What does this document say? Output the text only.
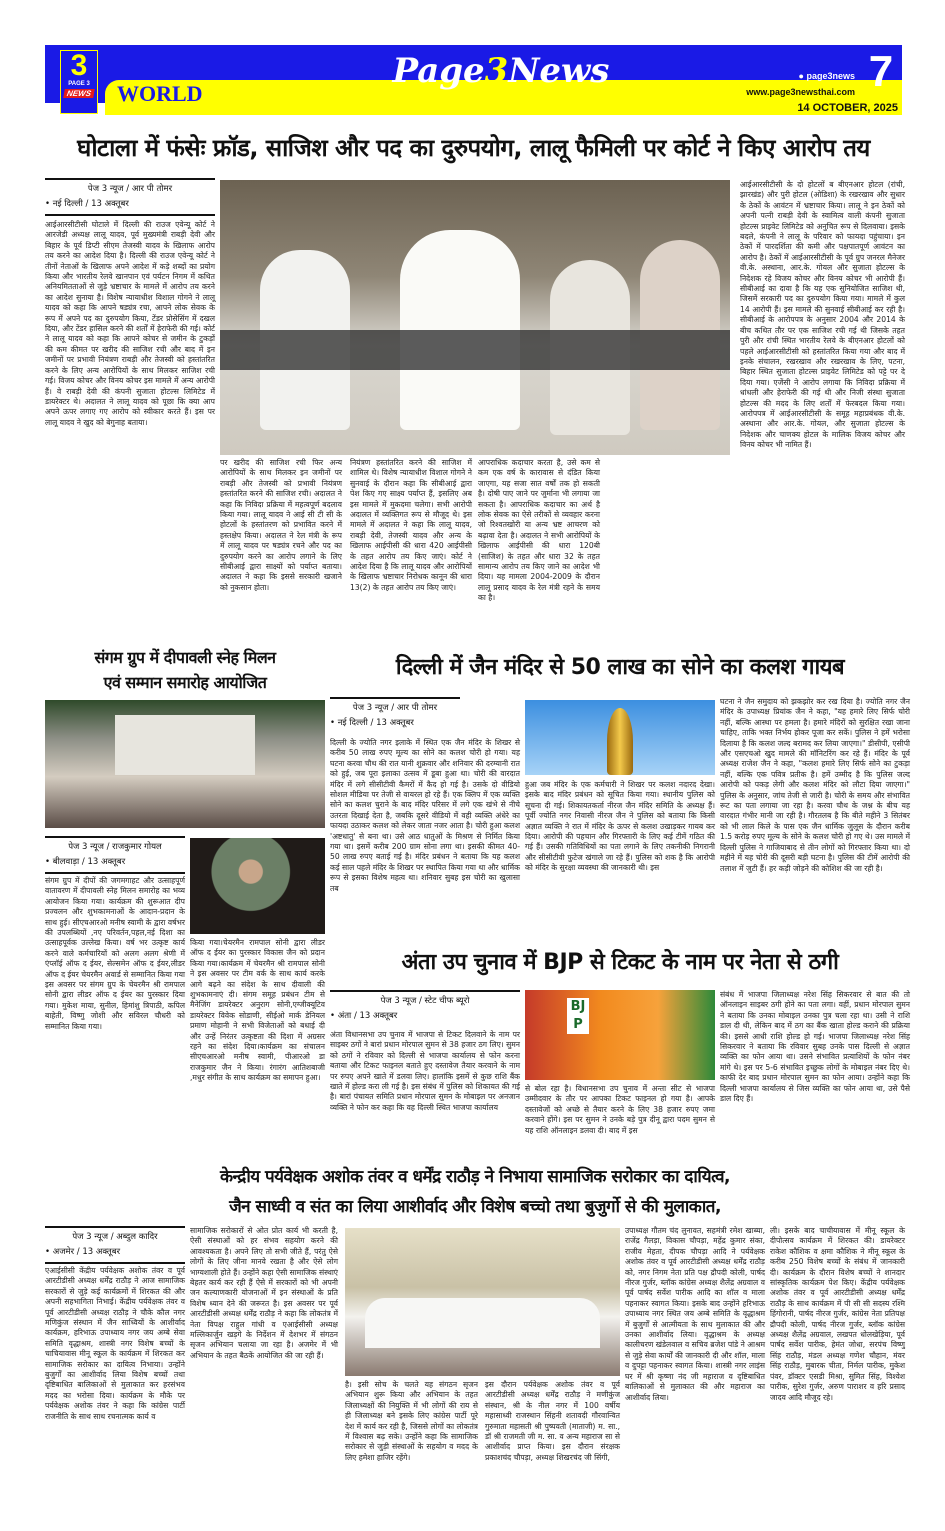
3
PAGE 3
NEWS WORLD
Page3News	● page3news
www.page3newsthai.com 7
14 OCTOBER, 2025
घोटाला में फंसेः फ्रॉड, साजिश और पद का दुरुपयोग, लालू फैमिली पर कोर्ट ने किए आरोप तय
पेज 3 न्यूज / आर पी तोमर
• नई दिल्ली / 13 अक्तूबर
आईआरसीटीसी घोटाले में दिल्ली की राउज एवेन्यू कोर्ट ने आरजेडी अध्यक्ष लालू यादव, पूर्व मुख्यमंत्री राबड़ी देवी और बिहार के पूर्व डिप्टी सीएम तेजस्वी यादव के खिलाफ आरोप तय करने का आदेश दिया है। दिल्ली की राउज एवेन्यू कोर्ट ने तीनों नेताओं के खिलाफ अपने आदेश में कड़े शब्दों का प्रयोग किया और भारतीय रेलवे खानपान एवं पर्यटन निगम में कथित अनियमितताओं से जुड़े भ्रष्टाचार के मामले में आरोप तय करने का आदेश सुनाया है। विशेष न्यायाधीश विशाल गोगने ने लालू यादव को कहा कि आपने षड्यंत्र रचा, आपने लोक सेवक के रूप में अपने पद का दुरुपयोग किया, टेंडर प्रोसेसिंग में दखल दिया, और टेंडर हासिल करने की शर्तों में हेराफेरी की गई। कोर्ट ने लालू यादव को कहा कि आपने कोचर से जमीन के टुकड़ों की कम कीमत पर खरीद की साजिश रची और बाद में इन जमीनों पर प्रभावी नियंत्रण राबड़ी और तेजस्वी को हस्तांतरित करने के लिए अन्य आरोपियों के साथ मिलकर साजिश रची गई। विजय कोचर और विनय कोचर इस मामले में अन्य आरोपी हैं। वे राबड़ी देवी की कंपनी सुजाता होटल्स लिमिटेड में डायरेक्टर थे। अदालत ने लालू यादव को पूछा कि क्या आप अपने ऊपर लगाए गए आरोप को स्वीकार करते हैं। इस पर लालू यादव ने खुद को बेगुनाह बताया।
पर खरीद की साजिश रची फिर अन्य आरोपियों के साथ मिलकर इन जमीनों पर राबड़ी और तेजस्वी को प्रभावी नियंत्रण हस्तांतरित करने की साजिश रची। अदालत ने कहा कि निविदा प्रक्रिया में महत्वपूर्ण बदलाव किया गया। लालू यादव ने आई सी टी सी के होटलों के हस्तांतरण को प्रभावित करने में हस्तक्षेप किया। अदालत ने रेल मंत्री के रूप में लालू यादव पर षड्यंत्र रचने और पद का दुरुपयोग करने का आरोप लगाने के लिए सीबीआई द्वारा साक्ष्यों को पर्याप्त बताया। अदालत ने कहा कि इससे सरकारी खजाने को नुकसान होता।
नियंत्रण हस्तांतरित करने की साजिश में शामिल थे। विशेष न्यायाधीश विशाल गोगने ने सुनवाई के दौरान कहा कि सीबीआई द्वारा पेश किए गए साक्ष्य पर्याप्त हैं, इसलिए अब इस मामले में मुकदमा चलेगा। सभी आरोपी अदालत में व्यक्तिगत रूप से मौजूद थे। इस मामले में अदालत ने कहा कि लालू यादव, राबड़ी देवी, तेजस्वी यादव और अन्य के खिलाफ आईपीसी की धारा 420 आईपीसी के तहत आरोप तय किए जाएं। कोर्ट ने आदेश दिया है कि लालू यादव और आरोपियों के खिलाफ भ्रष्टाचार निरोधक कानून की धारा 13(2) के तहत आरोप तय किए जाएं।
आपराधिक कदाचार करता है, उसे कम से कम एक वर्ष के कारावास से दंडित किया जाएगा, यह सजा सात वर्षों तक हो सकती है। दोषी पाए जाने पर जुर्माना भी लगाया जा सकता है। आपराधिक कदाचार का अर्थ है लोक सेवक का ऐसे तरीकों से व्यवहार करना जो रिश्वतखोरी या अन्य भ्रष्ट आचरण को बढ़ावा देता है। अदालत ने सभी आरोपियों के खिलाफ आईपीसी की धारा 120बी (साजिश) के तहत और धारा 32 के तहत सामान्य आरोप तय किए जाने का आदेश भी दिया। यह मामला 2004-2009 के दौरान लालू प्रसाद यादव के रेल मंत्री रहने के समय का है।
आईआरसीटीसी के दो होटलों ब बीएनआर होटल (रांची, झारखंड) और पुरी होटल (ओडिशा) के रखरखाव और सुधार के ठेकों के आवंटन में भ्रष्टाचार किया। लालू ने इन ठेकों को अपनी पत्नी राबड़ी देवी के स्वामित्व वाली कंपनी सुजाता होटल्स प्राइवेट लिमिटेड को अनुचित रूप से दिलवाया। इसके बदले, कंपनी ने लालू के परिवार को फायदा पहुंचाया। इन ठेकों में पारदर्शिता की कमी और पक्षपातपूर्ण आवंटन का आरोप है। ठेकों में आईआरसीटीसी के पूर्व ग्रुप जनरल मैनेजर वी.के. अस्थाना, आर.के. गोयल और सुजाता होटल्स के निदेशक रहे विजय कोचर और विनय कोचर भी आरोपी हैं। सीबीआई का दावा है कि यह एक सुनियोजित साजिश थी, जिसमें सरकारी पद का दुरुपयोग किया गया। मामले में कुल 14 आरोपी हैं। इस मामले की सुनवाई सीबीआई कर रही है। सीबीआई के आरोपपत्र के अनुसार 2004 और 2014 के बीच कथित तौर पर एक साजिश रची गई थी जिसके तहत पुरी और रांची स्थित भारतीय रेलवे के बीएनआर होटलों को पहले आईआरसीटीसी को हस्तांतरित किया गया और बाद में इनके संचालन, रखरखाव और रखरखाव के लिए, पटना, बिहार स्थित सुजाता होटल्स प्राइवेट लिमिटेड को पट्टे पर दे दिया गया। एजेंसी ने आरोप लगाया कि निविदा प्रक्रिया में धांधली और हेराफेरी की गई थी और निजी संस्था सुजाता होटल्स की मदद के लिए शर्तों में फेरबदल किया गया। आरोपपत्र में आईआरसीटीसी के समूह महाप्रबंधक वी.के. अस्थाना और आर.के. गोयल, और सुजाता होटल्स के निदेशक और चाणक्य होटल के मालिक विजय कोचर और विनय कोचर भी नामित हैं।
संगम ग्रुप में दीपावली स्नेह मिलन
एवं सम्मान समारोह आयोजित
पेज 3 न्यूज / राजकुमार गोयल
• बीलवाड़ा / 13 अक्तूबर
संगम ग्रुप में दीपों की जगमगाहट और उत्साहपूर्ण वातावरण में दीपावली स्नेह मिलन समारोह का भव्य आयोजन किया गया। कार्यक्रम की शुरूआत दीप प्रज्वलन और शुभकामनाओं के आदान-प्रदान के साथ हुई। सीएचआरओ मनीष स्वामी के द्वारा वर्षभर की उपलब्धियों ,नए परिवर्तन,पहल,नई दिशा का उत्साहपूर्वक उल्लेख किया। वर्ष भर उत्कृष्ट कार्य करने वाले कर्मचारियों को अलग अलग श्रेणी में एंप्लॉई ऑफ द ईयर, सेल्समेन ऑफ द ईयर,लीडर ऑफ द ईयर चेयरमैन अवार्ड से सम्मानित किया गया इस अवसर पर संगम ग्रुप के चेयरमैन श्री रामपाल सोनी द्वारा लीडर ऑफ द ईयर का पुरस्कार दिया गया। मुकेश माया, सुनील, हिमांशु त्रिपाठी, कपिल बाहेती, विष्णु जोशी और सविरल चौधरी को सम्मानित किया गया।
किया गया।चेयरमैन रामपाल सोनी द्वारा लीडर ऑफ द ईयर का पुरस्कार विकास जैन को प्रदान किया गया।कार्यक्रम में चेयरमैन श्री रामपाल सोनी ने इस अवसर पर टीम वर्क के साथ कार्य करके आगे बढ़ने का संदेश के साथ दीवाली की शुभकामनाएं दी। संगम समूह प्रबंधन टीम से मैनेजिंग डायरेक्टर अनुराग सोनी,एग्जीक्यूटिव डायरेक्टर विवेक सोडाणी, सीईओ मार्क डेनियल प्रमाण मोहानी ने सभी विजेताओं को बधाई दी और उन्हें निरंतर उत्कृष्टता की दिशा में अग्रसर रहने का संदेश दिया।कार्यक्रम का संचालन सीएचआरओ मनीष स्वामी, पीआरओ डा राजकुमार जैन ने किया। रंगारंग आतिशबाजी ,मधुर संगीत के साथ कार्यक्रम का समापन हुआ।
दिल्ली में जैन मंदिर से 50 लाख का सोने का कलश गायब
पेज 3 न्यूज / आर पी तोमर
• नई दिल्ली / 13 अक्तूबर
दिल्ली के ज्योति नगर इलाके में स्थित एक जैन मंदिर के शिखर से करीब 50 लाख रुपए मूल्य का सोने का कलश चोरी हो गया। यह घटना करवा चौथ की रात यानी शुक्रवार और शनिवार की दरम्यानी रात को हुई, जब पूरा इलाका उत्सव में डूबा हुआ था। चोरी की वारदात मंदिर में लगे सीसीटीवी कैमरों में कैद हो गई है। उसके दो वीडियो सोशल मीडिया पर तेजी से वायरल हो रहे हैं। एक क्लिप में एक व्यक्ति सोने का कलश चुराने के बाद मंदिर परिसर में लगे एक खंभे से नीचे उतरता दिखाई देता है, जबकि दूसरे वीडियो में वही व्यक्ति अंधेरे का फायदा उठाकर कलश को लेकर जाता नजर आता है। चोरी हुआ कलश 'अष्टधातु' से बना था। उसे आठ धातुओं के मिश्रण से निर्मित किया गया था। इसमें करीब 200 ग्राम सोना लगा था। इसकी कीमत 40-50 लाख रुपए बताई गई है। मंदिर प्रबंधन ने बताया कि यह कलश कई साल पहले मंदिर के शिखर पर स्थापित किया गया था और धार्मिक रूप से इसका विशेष महत्व था। शनिवार सुबह इस चोरी का खुलासा तब
हुआ जब मंदिर के एक कर्मचारी ने शिखर पर कलश नदारद देखा। इसके बाद मंदिर प्रबंधन को सूचित किया गया। स्थानीय पुलिस को सूचना दी गई। शिकायतकर्ता नीरज जैन मंदिर समिति के अध्यक्ष हैं। पूर्वी ज्योति नगर निवासी नीरज जैन ने पुलिस को बताया कि किसी अज्ञात व्यक्ति ने रात में मंदिर के ऊपर से कलश उखाड़कर गायब कर दिया। आरोपी की पहचान और गिरफ्तारी के लिए कई टीमें गठित की गई हैं। उसकी गतिविधियों का पता लगाने के लिए तकनीकी निगरानी और सीसीटीवी फुटेज खंगाले जा रहे हैं। पुलिस को शक है कि आरोपी को मंदिर के सुरक्षा व्यवस्था की जानकारी थी। इस
घटना ने जैन समुदाय को झकझोर कर रख दिया है। ज्योति नगर जैन मंदिर के उपाध्यक्ष प्रियांक जैन ने कहा, "यह हमारे लिए सिर्फ चोरी नहीं, बल्कि आस्था पर हमला है। हमारे मंदिरों को सुरक्षित रखा जाना चाहिए, ताकि भक्त निर्भय होकर पूजा कर सकें। पुलिस ने हमें भरोसा दिलाया है कि कलश जल्द बरामद कर लिया जाएगा।" डीसीपी, एसीपी और एसएचओ खुद मामले की मॉनिटरिंग कर रहे हैं। मंदिर के पूर्व अध्यक्ष राजेश जैन ने कहा, "कलश हमारे लिए सिर्फ सोने का टुकड़ा नहीं, बल्कि एक पवित्र प्रतीक है। हमें उम्मीद है कि पुलिस जल्द आरोपी को पकड़ लेगी और कलश मंदिर को लौटा दिया जाएगा।" पुलिस के अनुसार, जांच तेजी से जारी है। चोरी के समय और संभावित रूट का पता लगाया जा रहा है। करवा चौथ के जश्न के बीच यह वारदात गंभीर मानी जा रही है। गौरतलब है कि बीते महीने 3 सितंबर को भी लाल किले के पास एक जैन धार्मिक जुलूस के दौरान करीब 1.5 करोड़ रुपए मूल्य के सोने के कलश चोरी हो गए थे। उस मामले में दिल्ली पुलिस ने गाजियाबाद से तीन लोगों को गिरफ्तार किया था। दो महीने में यह चोरी की दूसरी बड़ी घटना है। पुलिस की टीमें आरोपी की तलाश में जुटी हैं। हर कड़ी जोड़ने की कोशिश की जा रही है।
अंता उप चुनाव में BJP से टिकट के नाम पर नेता से ठगी
पेज 3 न्यूज / स्टेट चीफ ब्यूरो
• अंता / 13 अक्तूबर
अंता विधानसभा उप चुनाव में भाजपा से टिकट दिलवाने के नाम पर साइबर ठगों ने बारां प्रधान मोरपाल सुमन से 38 हजार ठग लिए। सुमन को ठगों ने रविवार को दिल्ली से भाजपा कार्यालय से फोन करना बताया और टिकट फाइनल बताते हुए दस्तावेज तैयार करवाने के नाम पर रुपए अपने खाते में डलवा लिए। हालांकि इसमें से कुछ राशि बैंक खाते में होल्ड करा ली गई है। इस संबंध में पुलिस को शिकायत की गई है। बारां पंचायत समिति प्रधान मोरपाल सुमन के मोबाइल पर अनजान व्यक्ति ने फोन कर कहा कि वह दिल्ली स्थित भाजपा कार्यालय
BJP
से बोल रहा है। विधानसभा उप चुनाव में अन्ता सीट से भाजपा उम्मीदवार के तौर पर आपका टिकट फाइनल हो गया है। आपके दस्तावेजों को अच्छे से तैयार करने के लिए 38 हजार रुपए जमा करवाने होंगे। इस पर सुमन ने उनके बड़े पुत्र दीनू द्वारा पदम सुमन से यह राशि ऑनलाइन डलवा दी। बाद में इस
संबंध में भाजपा जिलाध्यक्ष नरेश सिंह सिकरवार से बात की तो ऑनलाइन साइबर ठगी होने का पता लगा। वहीं, प्रधान मोरपाल सुमन ने बताया कि उनका मोबाइल उनका पुत्र चला रहा था। उसी ने राशि डाल दी थी, लेकिन बाद में ठग का बैंक खाता होल्ड कराने की प्रक्रिया की। इससे आधी राशि होल्ड हो गई। भाजपा जिलाध्यक्ष नरेश सिंह सिकरवार ने बताया कि रविवार सुबह उनके पास दिल्ली से अज्ञात व्यक्ति का फोन आया था। उसने संभावित प्रत्याशियों के फोन नंबर मांगे थे। इस पर 5-6 संभावित इच्छुक लोगों के मोबाइल नंबर दिए थे। काफी देर बाद प्रधान मोरपाल सुमन का फोन आया। उन्होंने कहा कि दिल्ली भाजपा कार्यालय से जिस व्यक्ति का फोन आया था, उसे पैसे डाल दिए हैं।
केन्द्रीय पर्यवेक्षक अशोक तंवर व धर्मेंद्र राठौड़ ने निभाया सामाजिक सरोकार का दायित्व,
जैन साध्वी व संत का लिया आशीर्वाद और विशेष बच्चो तथा बुजुर्गो से की मुलाकात,
पेज 3 न्यूज / अब्दुल कादिर
• अजमेर / 13 अक्तूबर
एआईसीसी केंद्रीय पर्यवेक्षक अशोक तंवर व पूर्व आरटीडीसी अध्यक्ष धर्मेंद्र राठौड़ ने आज सामाजिक सरकारों से जुड़े कई कार्यक्रमों में शिरकत की और अपनी सहभागिता निभाई। केंद्रीय पर्यवेक्षक तंवर व पूर्व आरटीडीसी अध्यक्ष राठौड़ ने चौके कौल नगर मणिकुंज संस्थान में जैन साध्वियों के आशीर्वाद कार्यक्रम, हरिभाऊ उपाध्याय नगर जय अम्बे सेवा समिति वृद्धाश्रम, शास्त्री नगर विशेष बच्चों के चाचियावास मीनू स्कूल के कार्यक्रम में शिरकत कर सामाजिक सरोकार का दायित्व निभाया। उन्होंने बुजुर्गों का आशीर्वाद लिया विशेष बच्चों तथा दृष्टिबाधित बालिकाओं से मुलाकात कर हरसंभव मदद का भरोसा दिया। कार्यक्रम के मौके पर पर्यवेक्षक अशोक तंवर ने कहा कि कांग्रेस पार्टी राजनीति के साथ साथ रचनात्मक कार्य व
सामाजिक सरोकारों से ओत प्रोत कार्य भी करती है, ऐसी संस्थाओं को हर संभव सहयोग करने की आवश्यकता है। अपने लिए तो सभी जीते हैं, परंतु ऐसे लोगों के लिए जीना मानवे रखता है और ऐसे लोग भाग्यशाली होते हैं। उन्होंने कहा ऐसी सामाजिक संस्थाएं बेहतर कार्य कर रही हैं ऐसे में सरकारों को भी अपनी जन कल्याणकारी योजनाओं में इन संस्थाओं के प्रति विशेष ध्यान देने की जरूरत है। इस अवसर पर पूर्व आरटीडीसी अध्यक्ष धर्मेंद्र राठौड़ ने कहा कि लोकतंत्र में नेता विपक्ष राहुल गांधी व एआईसीसी अध्यक्ष मल्लिकार्जुन खड़गे के निर्देशन में देशभर में संगठन सृजन अभियान चलाया जा रहा है। अजमेर में भी अभियान के तहत बैठकें आयोजित की जा रही हैं।
है। इसी सोच के चलते यह संगठन सृजन अभियान शुरू किया और अभियान के तहत जिलाध्यक्षों की नियुक्ति में भी लोगों की राय से ही जिलाध्यक्ष बने इसके लिए कांग्रेस पार्टी पूरे देश में कार्य कर रही है, जिससे लोगों का लोकतंत्र में विश्वास बढ़ सके। उन्होंने कहा कि सामाजिक सरोकार से जुड़ी संस्थाओं के सहयोग व मदद के लिए हमेशा हाजिर रहेंगे।
इस दौरान पर्यवेक्षक अशोक तंवर व पूर्व आरटीडीसी अध्यक्ष धर्मेंद्र राठौड़ ने मणीकुंज संस्थान, श्री के नील नगर में 100 वर्षीय महासाध्वी राजस्थान सिंहनी शतावदी गौरवान्वित गुरुमाता महासती श्री पुष्पवती (माताजी) म. सा., डॉ श्री राजमती जी म. सा. व अन्य महाराज सा से आशीर्वाद प्राप्त किया। इस दौरान संरक्षक प्रकाशचंद चौपड़ा, अध्यक्ष शिखरचंद जी सिंगी,
उपाध्यक्ष गौतम चंद लुनावत, सहमंत्री रमेश खाब्या, राजेंद्र गैलड़ा, विकास चौपड़ा, महेंद्र कुमार संका, राजीव मेहता, दीपक चौपड़ा आदि ने पर्यवेक्षक अशोक तंवर व पूर्व आरटीडीसी अध्यक्ष धर्मेंद्र राठौड़ को, नगर निगम नेता प्रति पक्ष द्रौपदी कोली, पार्षद नीरज गुर्जर, ब्लॉक कांग्रेस अध्यक्ष शैलेंद्र अग्रवाल व पूर्व पार्षद सर्वेश पारीक आदि का शॉल व माला पहनाकर स्वागत किया। इसके बाद उन्होंने हरिभाऊ उपाध्याय नगर स्थित जय अम्बे समिति के वृद्धाश्रम में बुजुर्गों से आत्मीयता के साथ मुलाकात की और उनका आशीर्वाद लिया। वृद्धाश्रम के अध्यक्ष कालीचरण खंडेलवाल व सचिव ब्रजेश पांडे ने आश्रम से जुड़े सेवा कार्यों की जानकारी दी और शॉल, माला व दुपट्टा पहनाकर स्वागत किया। शास्त्री नगर लाइंस घर में श्री कृष्णा नंद जी महाराज व दृष्टिबाधित बालिकाओं से मुलाकात की और महाराज का आशीर्वाद लिया।
ली। इसके बाद चाचीयावास में मीनू स्कूल के दीपोत्सव कार्यक्रम में शिरकत की। डायरेक्टर राकेश कौशिक व क्षमा कौशिक ने मीनू स्कूल के करीब 250 विशेष बच्चों के संबंध में जानकारी दी। कार्यक्रम के दौरान विशेष बच्चों ने शानदार सांस्कृतिक कार्यक्रम पेश किए। केंद्रीय पर्यवेक्षक अशोक तंवर व पूर्व आरटीडीसी अध्यक्ष धर्मेंद्र राठौड़ के साथ कार्यक्रम में पी सी सी सदस्य रश्मि हिंगोरानी, पार्षद नीरज गुर्जर, कांग्रेस नेता प्रतिपक्ष द्रौपदी कोली, पार्षद नीरज गुर्जर, ब्लॉक कांग्रेस अध्यक्ष शैलेंद्र अग्रवाल, लखपत धोलखेड़िया, पूर्व पार्षद सर्वेश पारीक, हेमंत जोधा, सरपंच विष्णु सिंह राठौड़, मंडल अध्यक्ष गणेश चौहान, मंवर सिंह राठौड़, मुबारक चीता, निर्मल पारीक, मुकेश पंवर, डॉक्टर एसडी मिश्रा, सुमित सिंह, विश्वेश पारीक, सुरेश गुर्जर, अरुण पाराशर व हरि प्रसाद जादव आदि मौजूद रहे।
